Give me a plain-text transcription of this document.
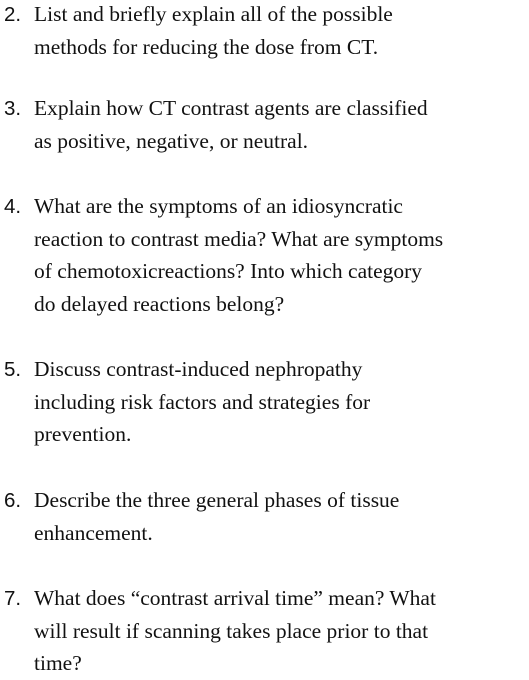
2. List and briefly explain all of the possible
methods for reducing the dose from CT.
3. Explain how CT contrast agents are classified
as positive, negative, or neutral.
4. What are the symptoms of an idiosyncratic
reaction to contrast media? What are symptoms
of chemotoxicreactions? Into which category
do delayed reactions belong?
5. Discuss contrast-induced nephropathy
including risk factors and strategies for
prevention.
6. Describe the three general phases of tissue
enhancement.
7. What does “contrast arrival time” mean? What
will result if scanning takes place prior to that
time?
